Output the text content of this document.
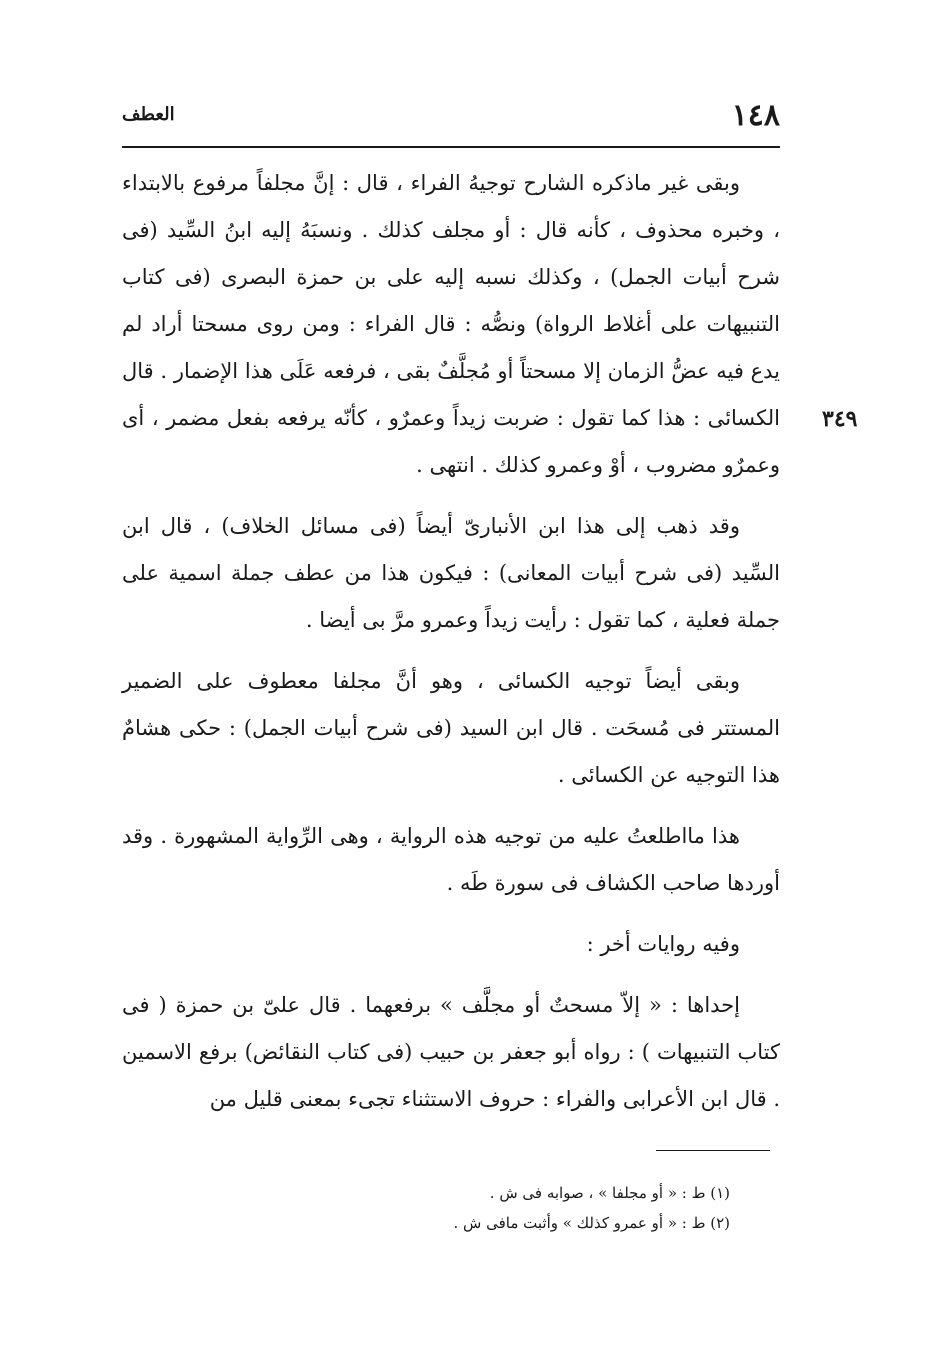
١٤٨
العطف
٣٤٩

وبقى غير ماذكره الشارح توجيهُ الفراء ، قال : إنَّ مجلفاً مرفوع بالابتداء ، وخبره محذوف ، كأنه قال : أو مجلف كذلك . ونسبَهُ إليه ابنُ السِّيد (فى شرح أبيات الجمل) ، وكذلك نسبه إليه على بن حمزة البصرى (فى كتاب التنبيهات على أغلاط الرواة) ونصُّه : قال الفراء : ومن روى مسحتا أراد لم يدع فيه عضُّ الزمان إلا مسحتاً أو مُجلَّفٌ بقى ، فرفعه عَلَى هذا الإضمار . قال الكسائى : هذا كما تقول : ضربت زيداً وعمرٌو ، كأنّه يرفعه بفعل مضمر ، أى وعمرٌو مضروب ، أوْ وعمرو كذلك . انتهى .

وقد ذهب إلى هذا ابن الأنبارىّ أيضاً (فى مسائل الخلاف) ، قال ابن السِّيد (فى شرح أبيات المعانى) : فيكون هذا من عطف جملة اسمية على جملة فعلية ، كما تقول : رأيت زيداً وعمرو مرَّ بى أيضا .

وبقى أيضاً توجيه الكسائى ، وهو أنَّ مجلفا معطوف على الضمير المستتر فى مُسحَت . قال ابن السيد (فى شرح أبيات الجمل) : حكى هشامٌ هذا التوجيه عن الكسائى .

هذا مااطلعتُ عليه من توجيه هذه الرواية ، وهى الرِّواية المشهورة . وقد أوردها صاحب الكشاف فى سورة طَه .

وفيه روايات أخر :

إحداها : « إلاّ مسحتٌ أو مجلَّف » برفعهما . قال علىّ بن حمزة ( فى كتاب التنبيهات ) : رواه أبو جعفر بن حبيب (فى كتاب النقائض) برفع الاسمين . قال ابن الأعرابى والفراء : حروف الاستثناء تجىء بمعنى قليل من

(١) ط : « أو مجلفا » ، صوابه فى ش .

(٢) ط : « أو عمرو كذلك » وأثبت مافى ش .
